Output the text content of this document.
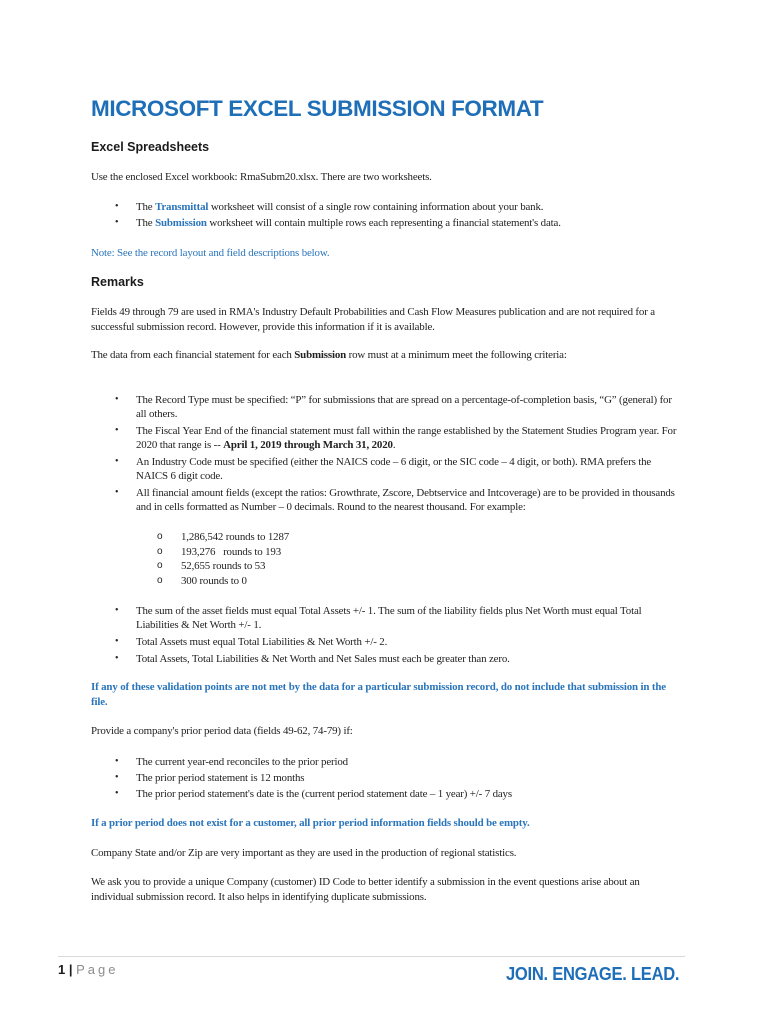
MICROSOFT EXCEL SUBMISSION FORMAT
Excel Spreadsheets

Use the enclosed Excel workbook: RmaSubm20.xlsx. There are two worksheets.

• The Transmittal worksheet will consist of a single row containing information about your bank.
• The Submission worksheet will contain multiple rows each representing a financial statement's data.

Note: See the record layout and field descriptions below.

Remarks

Fields 49 through 79 are used in RMA's Industry Default Probabilities and Cash Flow Measures publication and are not required for a successful submission record. However, provide this information if it is available.

The data from each financial statement for each Submission row must at a minimum meet the following criteria:

• The Record Type must be specified: “P” for submissions that are spread on a percentage-of-completion basis, “G” (general) for all others.
• The Fiscal Year End of the financial statement must fall within the range established by the Statement Studies Program year. For 2020 that range is -- April 1, 2019 through March 31, 2020.
• An Industry Code must be specified (either the NAICS code – 6 digit, or the SIC code – 4 digit, or both). RMA prefers the NAICS 6 digit code.
• All financial amount fields (except the ratios: Growthrate, Zscore, Debtservice and Intcoverage) are to be provided in thousands and in cells formatted as Number – 0 decimals. Round to the nearest thousand. For example:
o 1,286,542 rounds to 1287
o 193,276   rounds to 193
o 52,655 rounds to 53
o 300 rounds to 0
• The sum of the asset fields must equal Total Assets +/- 1. The sum of the liability fields plus Net Worth must equal Total Liabilities & Net Worth +/- 1.
• Total Assets must equal Total Liabilities & Net Worth +/- 2.
• Total Assets, Total Liabilities & Net Worth and Net Sales must each be greater than zero.

If any of these validation points are not met by the data for a particular submission record, do not include that submission in the file.

Provide a company's prior period data (fields 49-62, 74-79) if:

• The current year-end reconciles to the prior period
• The prior period statement is 12 months
• The prior period statement's date is the (current period statement date – 1 year) +/- 7 days

If a prior period does not exist for a customer, all prior period information fields should be empty.

Company State and/or Zip are very important as they are used in the production of regional statistics.

We ask you to provide a unique Company (customer) ID Code to better identify a submission in the event questions arise about an individual submission record. It also helps in identifying duplicate submissions.

1 | Page	JOIN. ENGAGE. LEAD.
